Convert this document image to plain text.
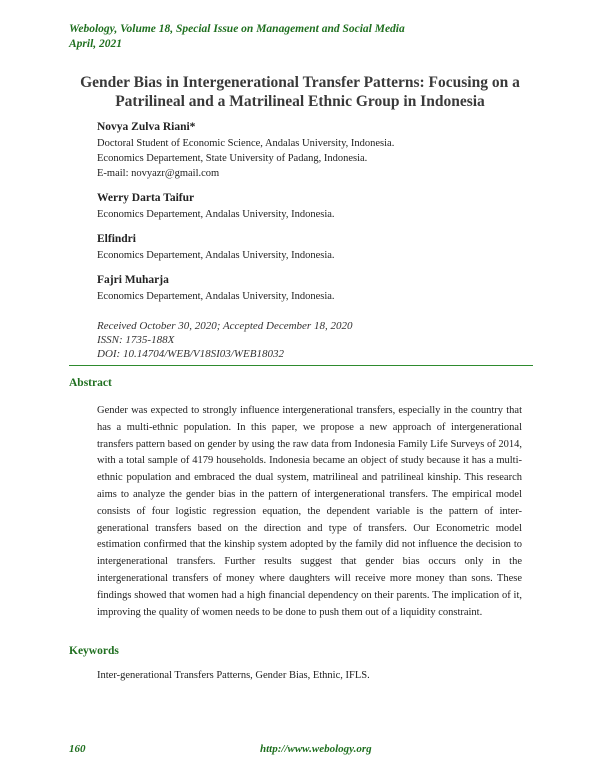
Webology, Volume 18, Special Issue on Management and Social Media
April, 2021
Gender Bias in Intergenerational Transfer Patterns: Focusing on a
Patrilineal and a Matrilineal Ethnic Group in Indonesia
Novya Zulva Riani*
Doctoral Student of Economic Science, Andalas University, Indonesia.
Economics Departement, State University of Padang, Indonesia.
E-mail: novyazr@gmail.com
Werry Darta Taifur
Economics Departement, Andalas University, Indonesia.
Elfindri
Economics Departement, Andalas University, Indonesia.
Fajri Muharja
Economics Departement, Andalas University, Indonesia.
Received October 30, 2020; Accepted December 18, 2020
ISSN: 1735-188X
DOI: 10.14704/WEB/V18SI03/WEB18032
Abstract
Gender was expected to strongly influence intergenerational transfers, especially in the country that has a multi-ethnic population. In this paper, we propose a new approach of intergenerational transfers pattern based on gender by using the raw data from Indonesia Family Life Surveys of 2014, with a total sample of 4179 households. Indonesia became an object of study because it has a multi-ethnic population and embraced the dual system, matrilineal and patrilineal kinship. This research aims to analyze the gender bias in the pattern of intergenerational transfers. The empirical model consists of four logistic regression equation, the dependent variable is the pattern of inter-generational transfers based on the direction and type of transfers. Our Econometric model estimation confirmed that the kinship system adopted by the family did not influence the decision to intergenerational transfers. Further results suggest that gender bias occurs only in the intergenerational transfers of money where daughters will receive more money than sons. These findings showed that women had a high financial dependency on their parents. The implication of it, improving the quality of women needs to be done to push them out of a liquidity constraint.
Keywords
Inter-generational Transfers Patterns, Gender Bias, Ethnic, IFLS.
160	http://www.webology.org
